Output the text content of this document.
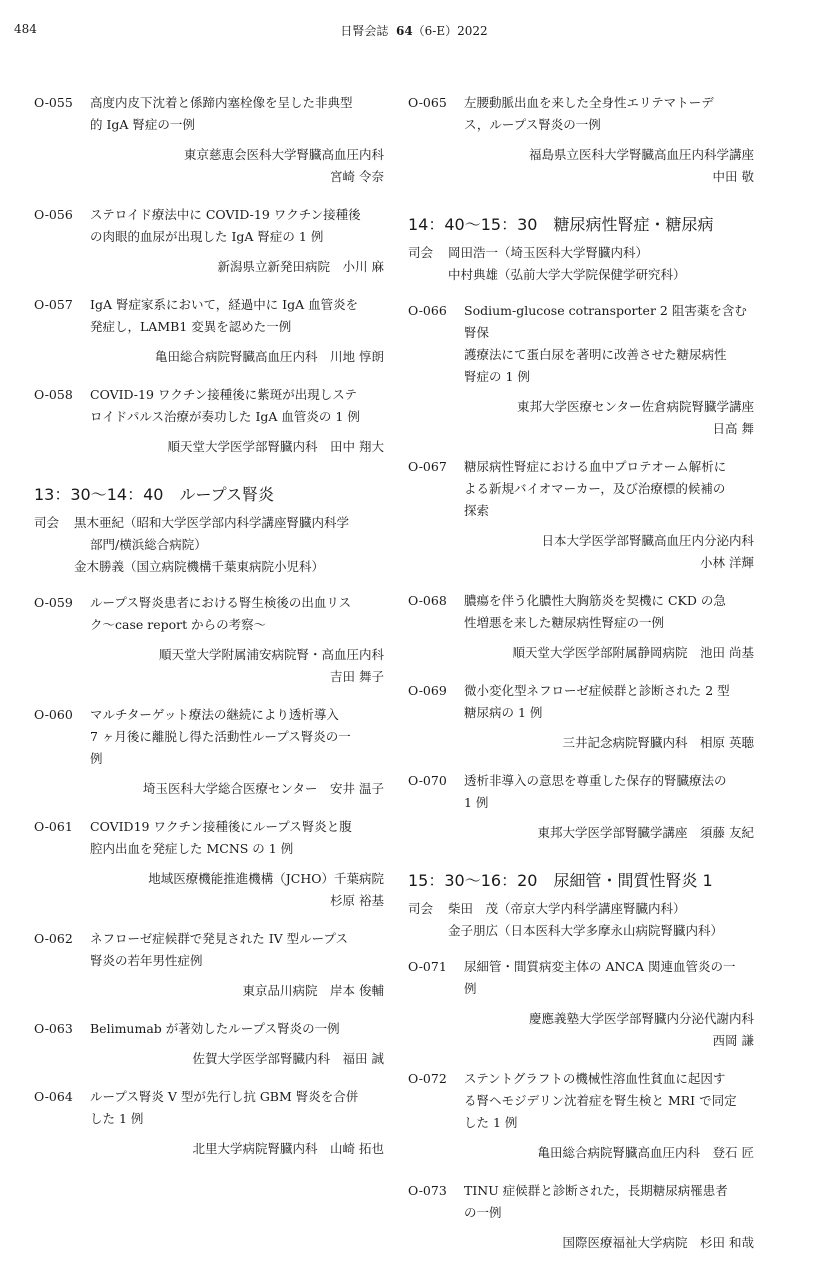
484	日腎会誌 64（6-E）2022
O-055	高度内皮下沈着と係蹄内塞栓像を呈した非典型
的 IgA 腎症の一例
東京慈恵会医科大学腎臓高血圧内科
宮崎 令奈
O-056	ステロイド療法中に COVID-19 ワクチン接種後
の肉眼的血尿が出現した IgA 腎症の 1 例
新潟県立新発田病院　小川 麻
O-057	IgA 腎症家系において，経過中に IgA 血管炎を
発症し，LAMB1 変異を認めた一例
亀田総合病院腎臓高血圧内科　川地 惇朗
O-058	COVID-19 ワクチン接種後に紫斑が出現しステ
ロイドパルス治療が奏功した IgA 血管炎の 1 例
順天堂大学医学部腎臓内科　田中 翔大
13：30～14：40　ループス腎炎
司会	黒木亜紀（昭和大学医学部内科学講座腎臓内科学
部門/横浜総合病院）
金木勝義（国立病院機構千葉東病院小児科）
O-059	ループス腎炎患者における腎生検後の出血リス
ク～case report からの考察～
順天堂大学附属浦安病院腎・高血圧内科
吉田 舞子
O-060	マルチターゲット療法の継続により透析導入
7 ヶ月後に離脱し得た活動性ループス腎炎の一
例
埼玉医科大学総合医療センター　安井 温子
O-061	COVID19 ワクチン接種後にループス腎炎と腹
腔内出血を発症した MCNS の 1 例
地域医療機能推進機構（JCHO）千葉病院
杉原 裕基
O-062	ネフローゼ症候群で発見された IV 型ループス
腎炎の若年男性症例
東京品川病院　岸本 俊輔
O-063	Belimumab が著効したループス腎炎の一例
佐賀大学医学部腎臓内科　福田 誠
O-064	ループス腎炎 V 型が先行し抗 GBM 腎炎を合併
した 1 例
北里大学病院腎臓内科　山崎 拓也
O-065	左腰動脈出血を来した全身性エリテマトーデ
ス，ループス腎炎の一例
福島県立医科大学腎臓高血圧内科学講座
中田 敬
14：40～15：30　糖尿病性腎症・糖尿病
司会	岡田浩一（埼玉医科大学腎臓内科）
中村典雄（弘前大学大学院保健学研究科）
O-066	Sodium-glucose cotransporter 2 阻害薬を含む腎保
護療法にて蛋白尿を著明に改善させた糖尿病性
腎症の 1 例
東邦大学医療センター佐倉病院腎臓学講座
日高 舞
O-067	糖尿病性腎症における血中プロテオーム解析に
よる新規バイオマーカー，及び治療標的候補の
探索
日本大学医学部腎臓高血圧内分泌内科
小林 洋輝
O-068	膿瘍を伴う化膿性大胸筋炎を契機に CKD の急
性増悪を来した糖尿病性腎症の一例
順天堂大学医学部附属静岡病院　池田 尚基
O-069	微小変化型ネフローゼ症候群と診断された 2 型
糖尿病の 1 例
三井記念病院腎臓内科　相原 英聴
O-070	透析非導入の意思を尊重した保存的腎臓療法の
1 例
東邦大学医学部腎臓学講座　須藤 友紀
15：30～16：20　尿細管・間質性腎炎 1
司会	柴田　茂（帝京大学内科学講座腎臓内科）
金子朋広（日本医科大学多摩永山病院腎臓内科）
O-071	尿細管・間質病変主体の ANCA 関連血管炎の一
例
慶應義塾大学医学部腎臓内分泌代謝内科
西岡 謙
O-072	ステントグラフトの機械性溶血性貧血に起因す
る腎ヘモジデリン沈着症を腎生検と MRI で同定
した 1 例
亀田総合病院腎臓高血圧内科　登石 匠
O-073	TINU 症候群と診断された，長期糖尿病罹患者
の一例
国際医療福祉大学病院　杉田 和哉
